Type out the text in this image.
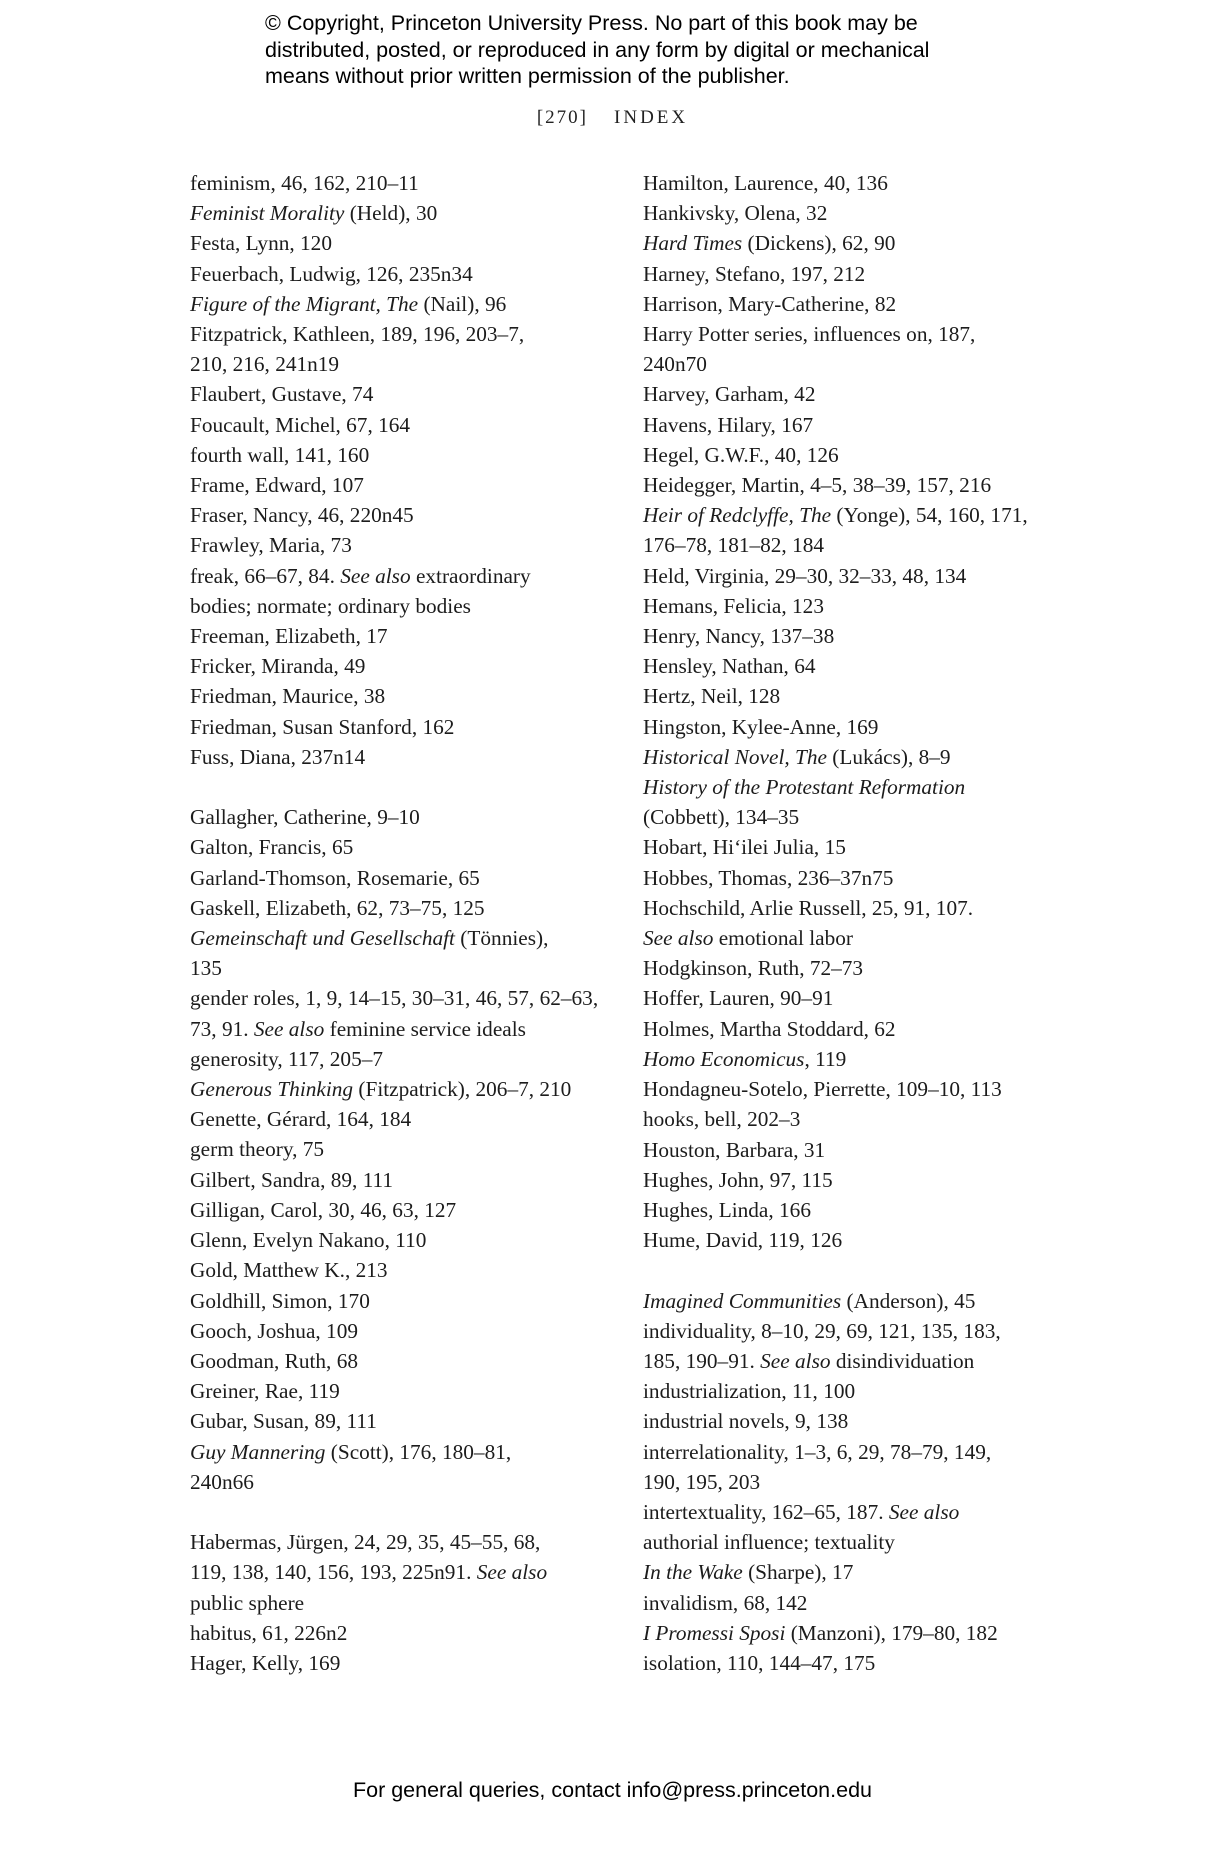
© Copyright, Princeton University Press. No part of this book may be
distributed, posted, or reproduced in any form by digital or mechanical
means without prior written permission of the publisher.
[270] INDEX
feminism, 46, 162, 210–11
Feminist Morality (Held), 30
Festa, Lynn, 120
Feuerbach, Ludwig, 126, 235n34
Figure of the Migrant, The (Nail), 96
Fitzpatrick, Kathleen, 189, 196, 203–7,
210, 216, 241n19
Flaubert, Gustave, 74
Foucault, Michel, 67, 164
fourth wall, 141, 160
Frame, Edward, 107
Fraser, Nancy, 46, 220n45
Frawley, Maria, 73
freak, 66–67, 84. See also extraordinary
bodies; normate; ordinary bodies
Freeman, Elizabeth, 17
Fricker, Miranda, 49
Friedman, Maurice, 38
Friedman, Susan Stanford, 162
Fuss, Diana, 237n14
Gallagher, Catherine, 9–10
Galton, Francis, 65
Garland-Thomson, Rosemarie, 65
Gaskell, Elizabeth, 62, 73–75, 125
Gemeinschaft und Gesellschaft (Tönnies),
135
gender roles, 1, 9, 14–15, 30–31, 46, 57, 62–63,
73, 91. See also feminine service ideals
generosity, 117, 205–7
Generous Thinking (Fitzpatrick), 206–7, 210
Genette, Gérard, 164, 184
germ theory, 75
Gilbert, Sandra, 89, 111
Gilligan, Carol, 30, 46, 63, 127
Glenn, Evelyn Nakano, 110
Gold, Matthew K., 213
Goldhill, Simon, 170
Gooch, Joshua, 109
Goodman, Ruth, 68
Greiner, Rae, 119
Gubar, Susan, 89, 111
Guy Mannering (Scott), 176, 180–81,
240n66
Habermas, Jürgen, 24, 29, 35, 45–55, 68,
119, 138, 140, 156, 193, 225n91. See also
public sphere
habitus, 61, 226n2
Hager, Kelly, 169
Hamilton, Laurence, 40, 136
Hankivsky, Olena, 32
Hard Times (Dickens), 62, 90
Harney, Stefano, 197, 212
Harrison, Mary-Catherine, 82
Harry Potter series, influences on, 187,
240n70
Harvey, Garham, 42
Havens, Hilary, 167
Hegel, G.W.F., 40, 126
Heidegger, Martin, 4–5, 38–39, 157, 216
Heir of Redclyffe, The (Yonge), 54, 160, 171,
176–78, 181–82, 184
Held, Virginia, 29–30, 32–33, 48, 134
Hemans, Felicia, 123
Henry, Nancy, 137–38
Hensley, Nathan, 64
Hertz, Neil, 128
Hingston, Kylee-Anne, 169
Historical Novel, The (Lukács), 8–9
History of the Protestant Reformation
(Cobbett), 134–35
Hobart, Hiʻilei Julia, 15
Hobbes, Thomas, 236–37n75
Hochschild, Arlie Russell, 25, 91, 107.
See also emotional labor
Hodgkinson, Ruth, 72–73
Hoffer, Lauren, 90–91
Holmes, Martha Stoddard, 62
Homo Economicus, 119
Hondagneu-Sotelo, Pierrette, 109–10, 113
hooks, bell, 202–3
Houston, Barbara, 31
Hughes, John, 97, 115
Hughes, Linda, 166
Hume, David, 119, 126
Imagined Communities (Anderson), 45
individuality, 8–10, 29, 69, 121, 135, 183,
185, 190–91. See also disindividuation
industrialization, 11, 100
industrial novels, 9, 138
interrelationality, 1–3, 6, 29, 78–79, 149,
190, 195, 203
intertextuality, 162–65, 187. See also
authorial influence; textuality
In the Wake (Sharpe), 17
invalidism, 68, 142
I Promessi Sposi (Manzoni), 179–80, 182
isolation, 110, 144–47, 175
For general queries, contact info@press.princeton.edu
